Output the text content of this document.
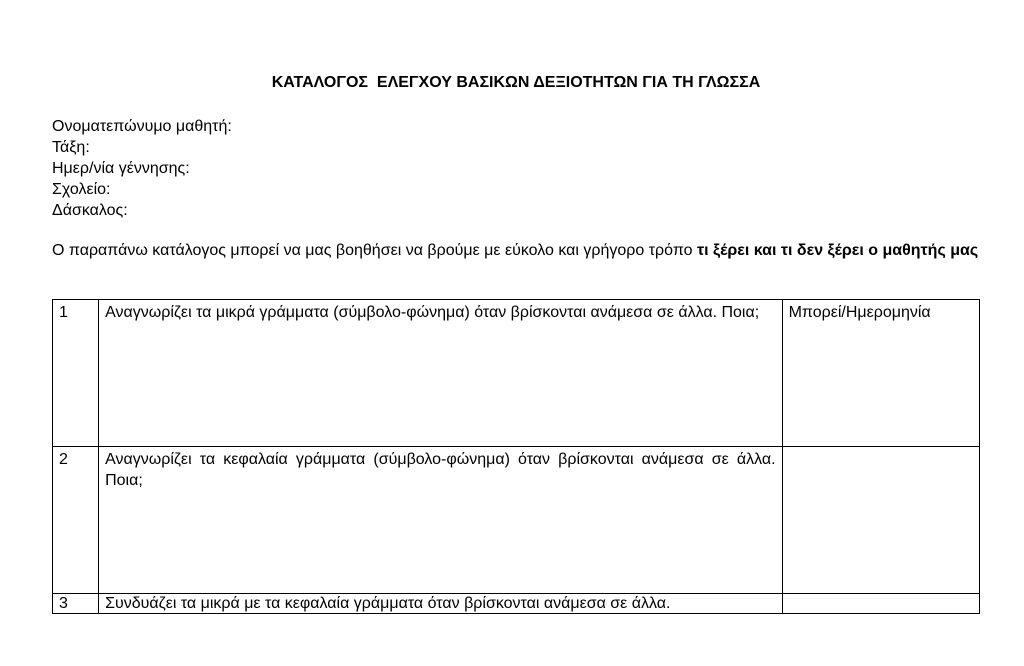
ΚΑΤΑΛΟΓΟΣ  ΕΛΕΓΧΟΥ ΒΑΣΙΚΩΝ ΔΕΞΙΟΤΗΤΩΝ ΓΙΑ ΤΗ ΓΛΩΣΣΑ
Ονοματεπώνυμο μαθητή:
Τάξη:
Ημερ/νία γέννησης:
Σχολείο:
Δάσκαλος:
Ο παραπάνω κατάλογος μπορεί να μας βοηθήσει να βρούμε με εύκολο και γρήγορο τρόπο τι ξέρει και τι δεν ξέρει ο μαθητής μας
1	Αναγνωρίζει τα μικρά γράμματα (σύμβολο-φώνημα) όταν βρίσκονται ανάμεσα σε άλλα. Ποια;	Μπορεί/Ημερομηνία
2	Αναγνωρίζει τα κεφαλαία γράμματα (σύμβολο-φώνημα) όταν βρίσκονται ανάμεσα σε άλλα. Ποια;	
3	Συνδυάζει τα μικρά με τα κεφαλαία γράμματα όταν βρίσκονται ανάμεσα σε άλλα.	
